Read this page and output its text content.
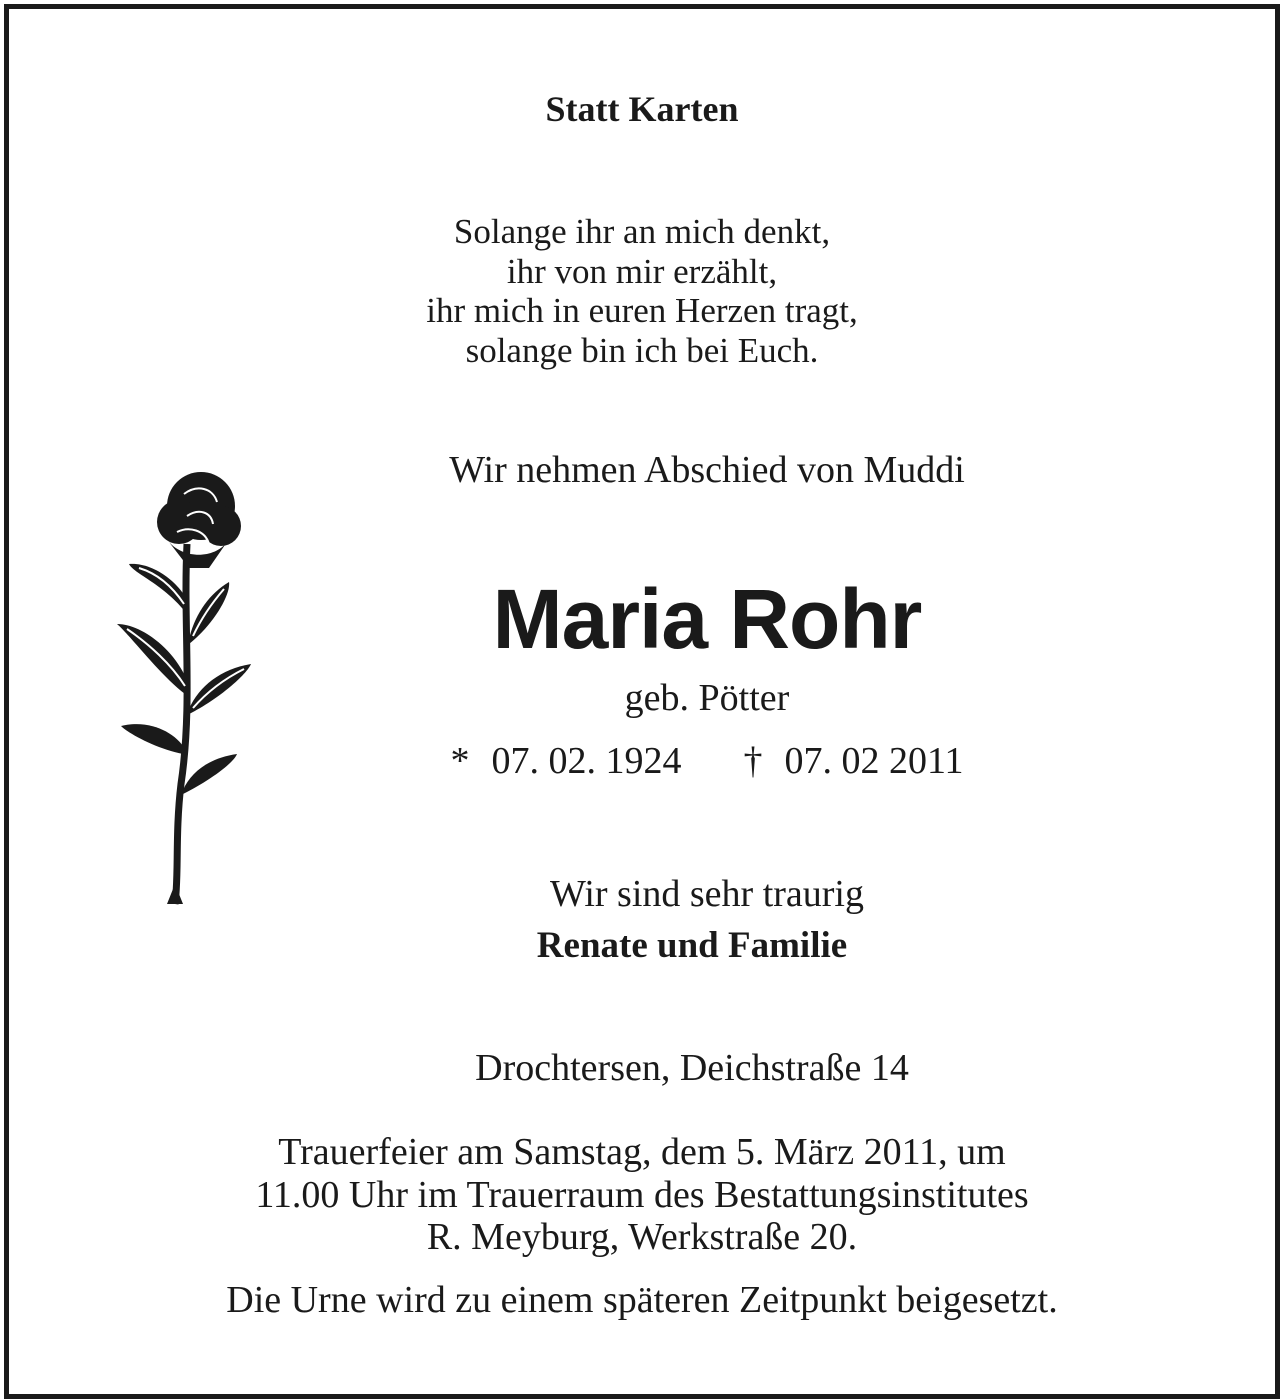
Statt Karten
Solange ihr an mich denkt,
ihr von mir erzählt,
ihr mich in euren Herzen tragt,
solange bin ich bei Euch.
Wir nehmen Abschied von Muddi
Maria Rohr
geb. Pötter
* 07. 02. 1924 † 07. 02 2011
Wir sind sehr traurig
Renate und Familie
Drochtersen, Deichstraße 14
Trauerfeier am Samstag, dem 5. März 2011, um
11.00 Uhr im Trauerraum des Bestattungsinstitutes
R. Meyburg, Werkstraße 20.
Die Urne wird zu einem späteren Zeitpunkt beigesetzt.
